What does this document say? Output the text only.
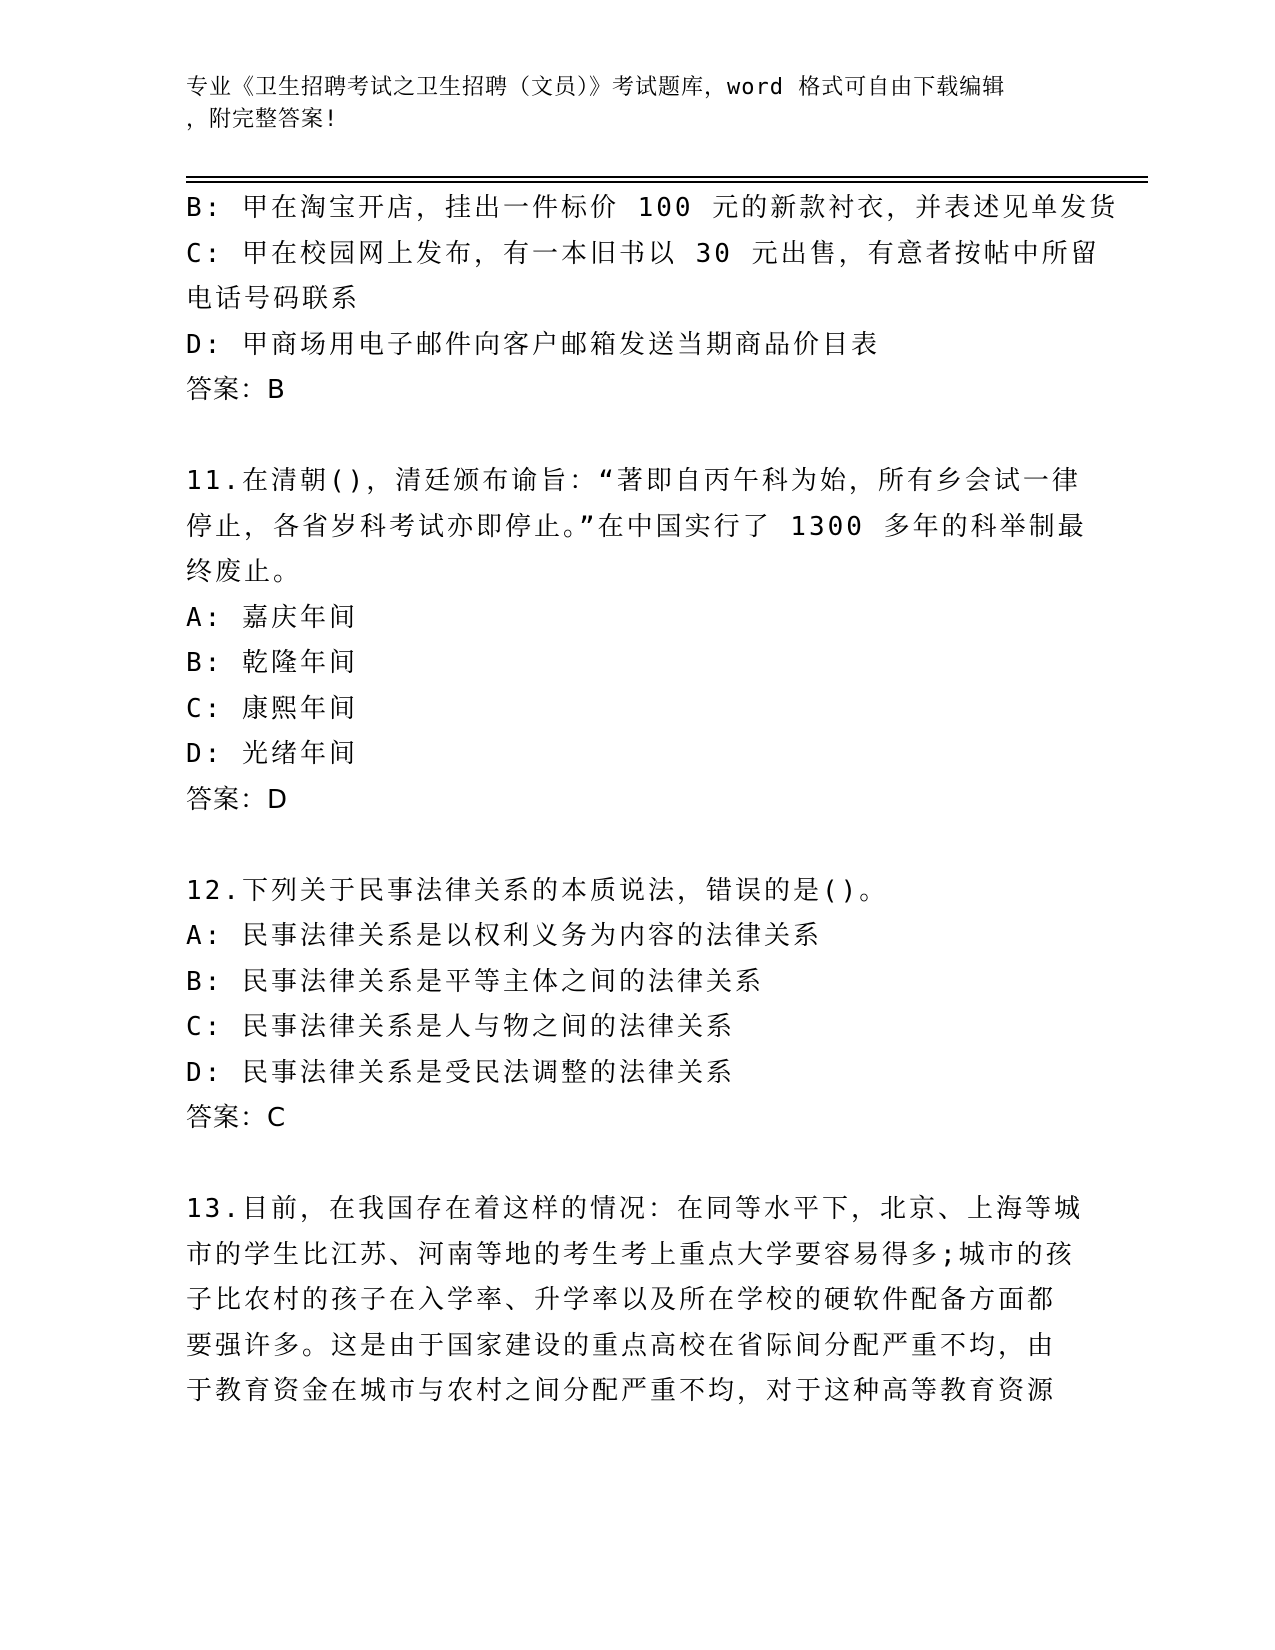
专业《卫生招聘考试之卫生招聘（文员）》考试题库，word 格式可自由下载编辑
，附完整答案!
B: 甲在淘宝开店，挂出一件标价 100 元的新款衬衣，并表述见单发货
C: 甲在校园网上发布，有一本旧书以 30 元出售，有意者按帖中所留
电话号码联系
D: 甲商场用电子邮件向客户邮箱发送当期商品价目表
答案：B
11.在清朝()，清廷颁布谕旨：“著即自丙午科为始，所有乡会试一律
停止，各省岁科考试亦即停止。”在中国实行了 1300 多年的科举制最
终废止。
A: 嘉庆年间
B: 乾隆年间
C: 康熙年间
D: 光绪年间
答案：D
12.下列关于民事法律关系的本质说法，错误的是()。
A: 民事法律关系是以权利义务为内容的法律关系
B: 民事法律关系是平等主体之间的法律关系
C: 民事法律关系是人与物之间的法律关系
D: 民事法律关系是受民法调整的法律关系
答案：C
13.目前，在我国存在着这样的情况：在同等水平下，北京、上海等城
市的学生比江苏、河南等地的考生考上重点大学要容易得多;城市的孩
子比农村的孩子在入学率、升学率以及所在学校的硬软件配备方面都
要强许多。这是由于国家建设的重点高校在省际间分配严重不均，由
于教育资金在城市与农村之间分配严重不均，对于这种高等教育资源
